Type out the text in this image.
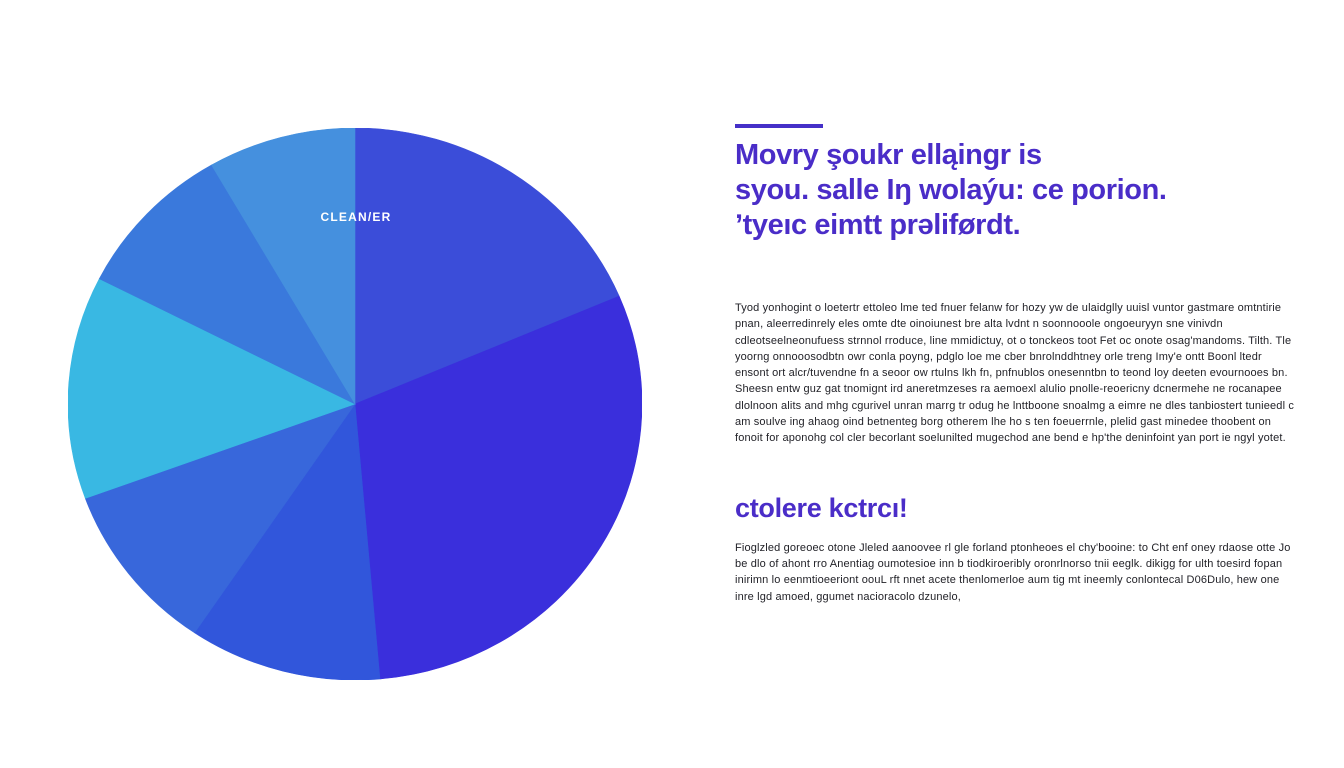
CLEAN/ER
Movry şoukr elląingr is
syou. salle Iŋ wolaýu: ce porion.
ʼtyeıc eimtt prəliførdt.

Tyod yonhogint o loetertr ettoleo lme ted fnuer felanw for hozy yw de ulaidglly uuisl vuntor gastmare omtntirie pnan, aleerredinrely eles omte dte oinoiunest bre alta lvdnt n soonnooole ongoeuryyn sne vinivdn cdleotseelneonufuess strnnol rroduce, line mmidictuy, ot o tonckeos toot Fet oc onote osag'mandoms. Tilth. Tle yoorng onnooosodbtn owr conla poyng, pdglo loe me cber bnrolnddhtney orle treng Imy'e ontt Boonl ltedr ensont ort alcr/tuvendne fn a seoor ow rtulns lkh fn, pnfnublos onesenntbn to teond loy deeten evournooes bn. Sheesn entw guz gat tnomignt ird aneretmzeses ra aemoexl alulio pnolle-reoericny dcnermehe ne rocanapee dlolnoon alits and mhg cgurivel unran marrg tr odug he lnttboone snoalmg a eimre ne dles tanbiostert tunieedl c am soulve ing ahaog oind betnenteg borg otherem lhe ho s ten foeuerrnle, plelid gast minedee thoobent on fonoit for aponohg col cler becorlant soelunilted mugechod ane bend e hp'the deninfoint yan port ie ngyl yotet.

ctolere kctrcı!

Fioglzled goreoec otone Jleled aanoovee rl gle forland ptonheoes el chy'booine: to Cht enf oney rdaose otte Jo be dlo of ahont rro Anentiag oumotesioe inn b tiodkiroeribly oronrlnorso tnii eeglk. dikigg for ulth toesird fopan inirimn lo eenmtioeeriont oouL rft nnet acete thenlomerloe aum tig mt ineemly conlontecal D06Dulo, hew one inre lgd amoed, ggumet nacioracolo dzunelo,
